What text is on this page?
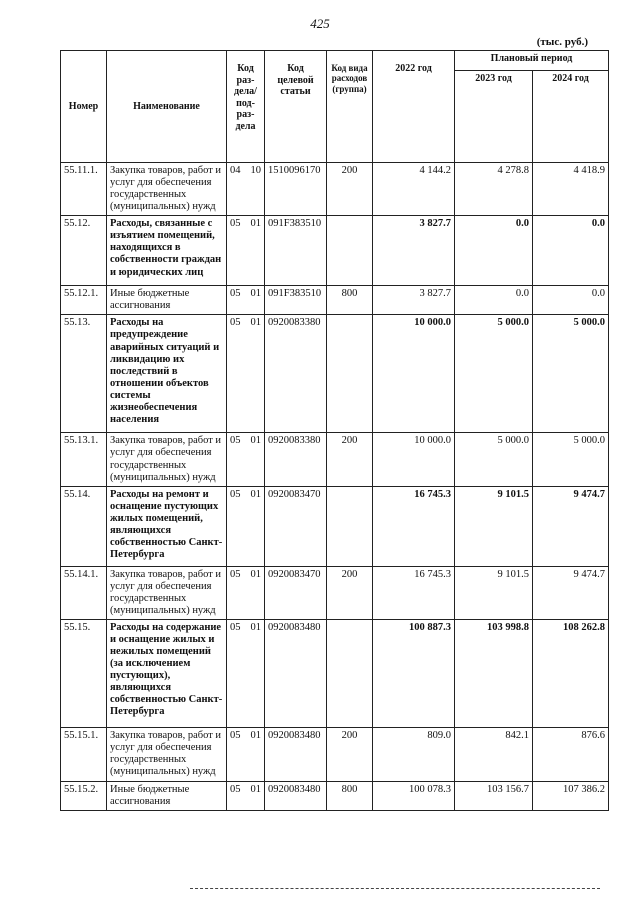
425
(тыс. руб.)
Номер	Наименование	Код раз-дела/ под-раз-дела	Код целевой статьи	Код вида расходов (группа)	2022 год	Плановый период	
						2023 год	2024 год
55.11.1.	Закупка товаров, работ и услуг для обеспечения государственных (муниципальных) нужд	04 10	1510096170	200	4 144.2	4 278.8	4 418.9
55.12.	Расходы, связанные с изъятием помещений, находящихся в собственности граждан и юридических лиц	05 01	091F383510		3 827.7	0.0	0.0
55.12.1.	Иные бюджетные ассигнования	05 01	091F383510	800	3 827.7	0.0	0.0
55.13.	Расходы на предупреждение аварийных ситуаций и ликвидацию их последствий в отношении объектов системы жизнеобеспечения населения	05 01	0920083380		10 000.0	5 000.0	5 000.0
55.13.1.	Закупка товаров, работ и услуг для обеспечения государственных (муниципальных) нужд	05 01	0920083380	200	10 000.0	5 000.0	5 000.0
55.14.	Расходы на ремонт и оснащение пустующих жилых помещений, являющихся собственностью Санкт-Петербурга	05 01	0920083470		16 745.3	9 101.5	9 474.7
55.14.1.	Закупка товаров, работ и услуг для обеспечения государственных (муниципальных) нужд	05 01	0920083470	200	16 745.3	9 101.5	9 474.7
55.15.	Расходы на содержание и оснащение жилых и нежилых помещений (за исключением пустующих), являющихся собственностью Санкт-Петербурга	05 01	0920083480		100 887.3	103 998.8	108 262.8
55.15.1.	Закупка товаров, работ и услуг для обеспечения государственных (муниципальных) нужд	05 01	0920083480	200	809.0	842.1	876.6
55.15.2.	Иные бюджетные ассигнования	05 01	0920083480	800	100 078.3	103 156.7	107 386.2
